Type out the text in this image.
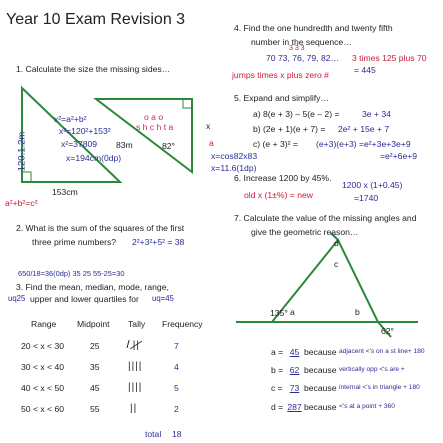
Year 10 Exam Revision 3
1. Calculate the size the missing sides…
x²=a²+b²
x²=120²+153²
x²=37809
x=194cm(0dp)
120.1.2m
153cm
a²+b²=c²
o a o
s h c h t a
83m	82°
x
a
x=cos82x83
x=11.6(1dp)
2. What is the sum of the squares of the first
three prime numbers? 2²+3²+5² = 38
650/18=36(0dp) 35 25 55-25=30
3. Find the mean, median, mode, range,
uq25 upper and lower quartiles for uq=45
Range Midpoint Tally Frequency
20 < x < 30	25	̸̸̸̸ ||	7
30 < x < 40	35	||||	4
40 < x < 50	45	||||	5
50 < x < 60	55	||	2
total 18
4. Find the one hundredth and twenty fifth
number in the sequence…
3 3 3
70 73, 76, 79, 82… 3 times 125 plus 70
= 445
jumps times x plus zero #
5. Expand and simplify…
a) 8(e + 3) – 5(e – 2) =	3e + 34
b) (2e + 1)(e + 7) = 2e² + 15e + 7
c) (e + 3)² = (e+3)(e+3) =e²+3e+3e+9
=e²+6e+9
6. Increase 1200 by 45%.
old x (1±%) = new
1200 x (1+0.45)
=1740
7. Calculate the value of the missing angles and
give the geometric reason…
d
c
135° a	b
62°
a = 45 because adjacent <'s on a st line+ 180
b = 62 because vertically opp <'s are +
c = 73 because internal <'s in triangle + 180
d = 287 because <'s at a point + 360
